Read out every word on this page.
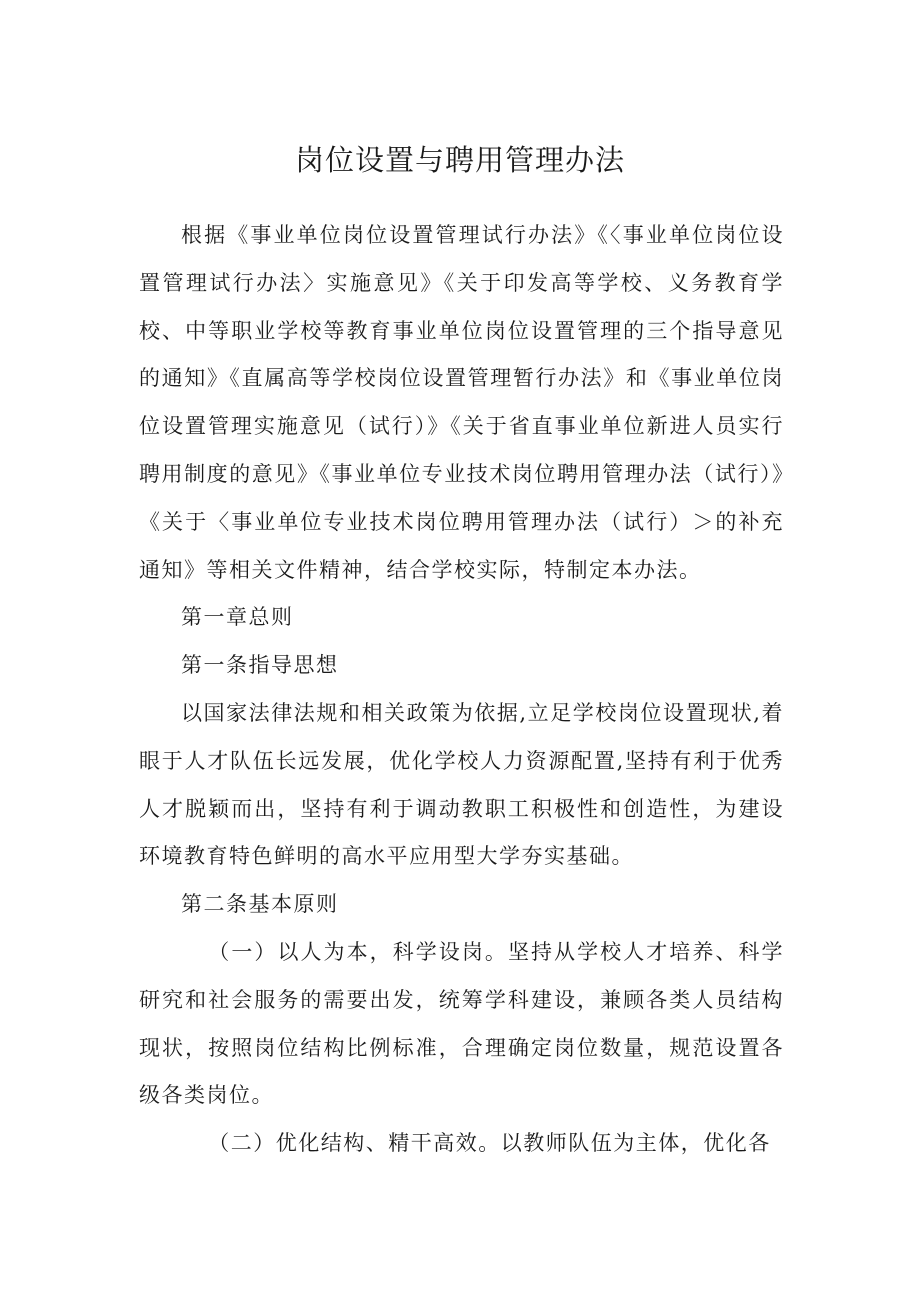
岗位设置与聘用管理办法

根据《事业单位岗位设置管理试行办法》《〈事业单位岗位设置管理试行办法〉实施意见》《关于印发高等学校、义务教育学校、中等职业学校等教育事业单位岗位设置管理的三个指导意见的通知》《直属高等学校岗位设置管理暂行办法》和《事业单位岗位设置管理实施意见（试行）》《关于省直事业单位新进人员实行聘用制度的意见》《事业单位专业技术岗位聘用管理办法（试行）》《关于〈事业单位专业技术岗位聘用管理办法（试行）＞的补充通知》等相关文件精神，结合学校实际，特制定本办法。

第一章总则

第一条指导思想

以国家法律法规和相关政策为依据,立足学校岗位设置现状,着眼于人才队伍长远发展，优化学校人力资源配置,坚持有利于优秀人才脱颖而出，坚持有利于调动教职工积极性和创造性，为建设环境教育特色鲜明的高水平应用型大学夯实基础。

第二条基本原则

（一）以人为本，科学设岗。坚持从学校人才培养、科学研究和社会服务的需要出发，统筹学科建设，兼顾各类人员结构现状，按照岗位结构比例标准，合理确定岗位数量，规范设置各级各类岗位。

（二）优化结构、精干高效。以教师队伍为主体，优化各
